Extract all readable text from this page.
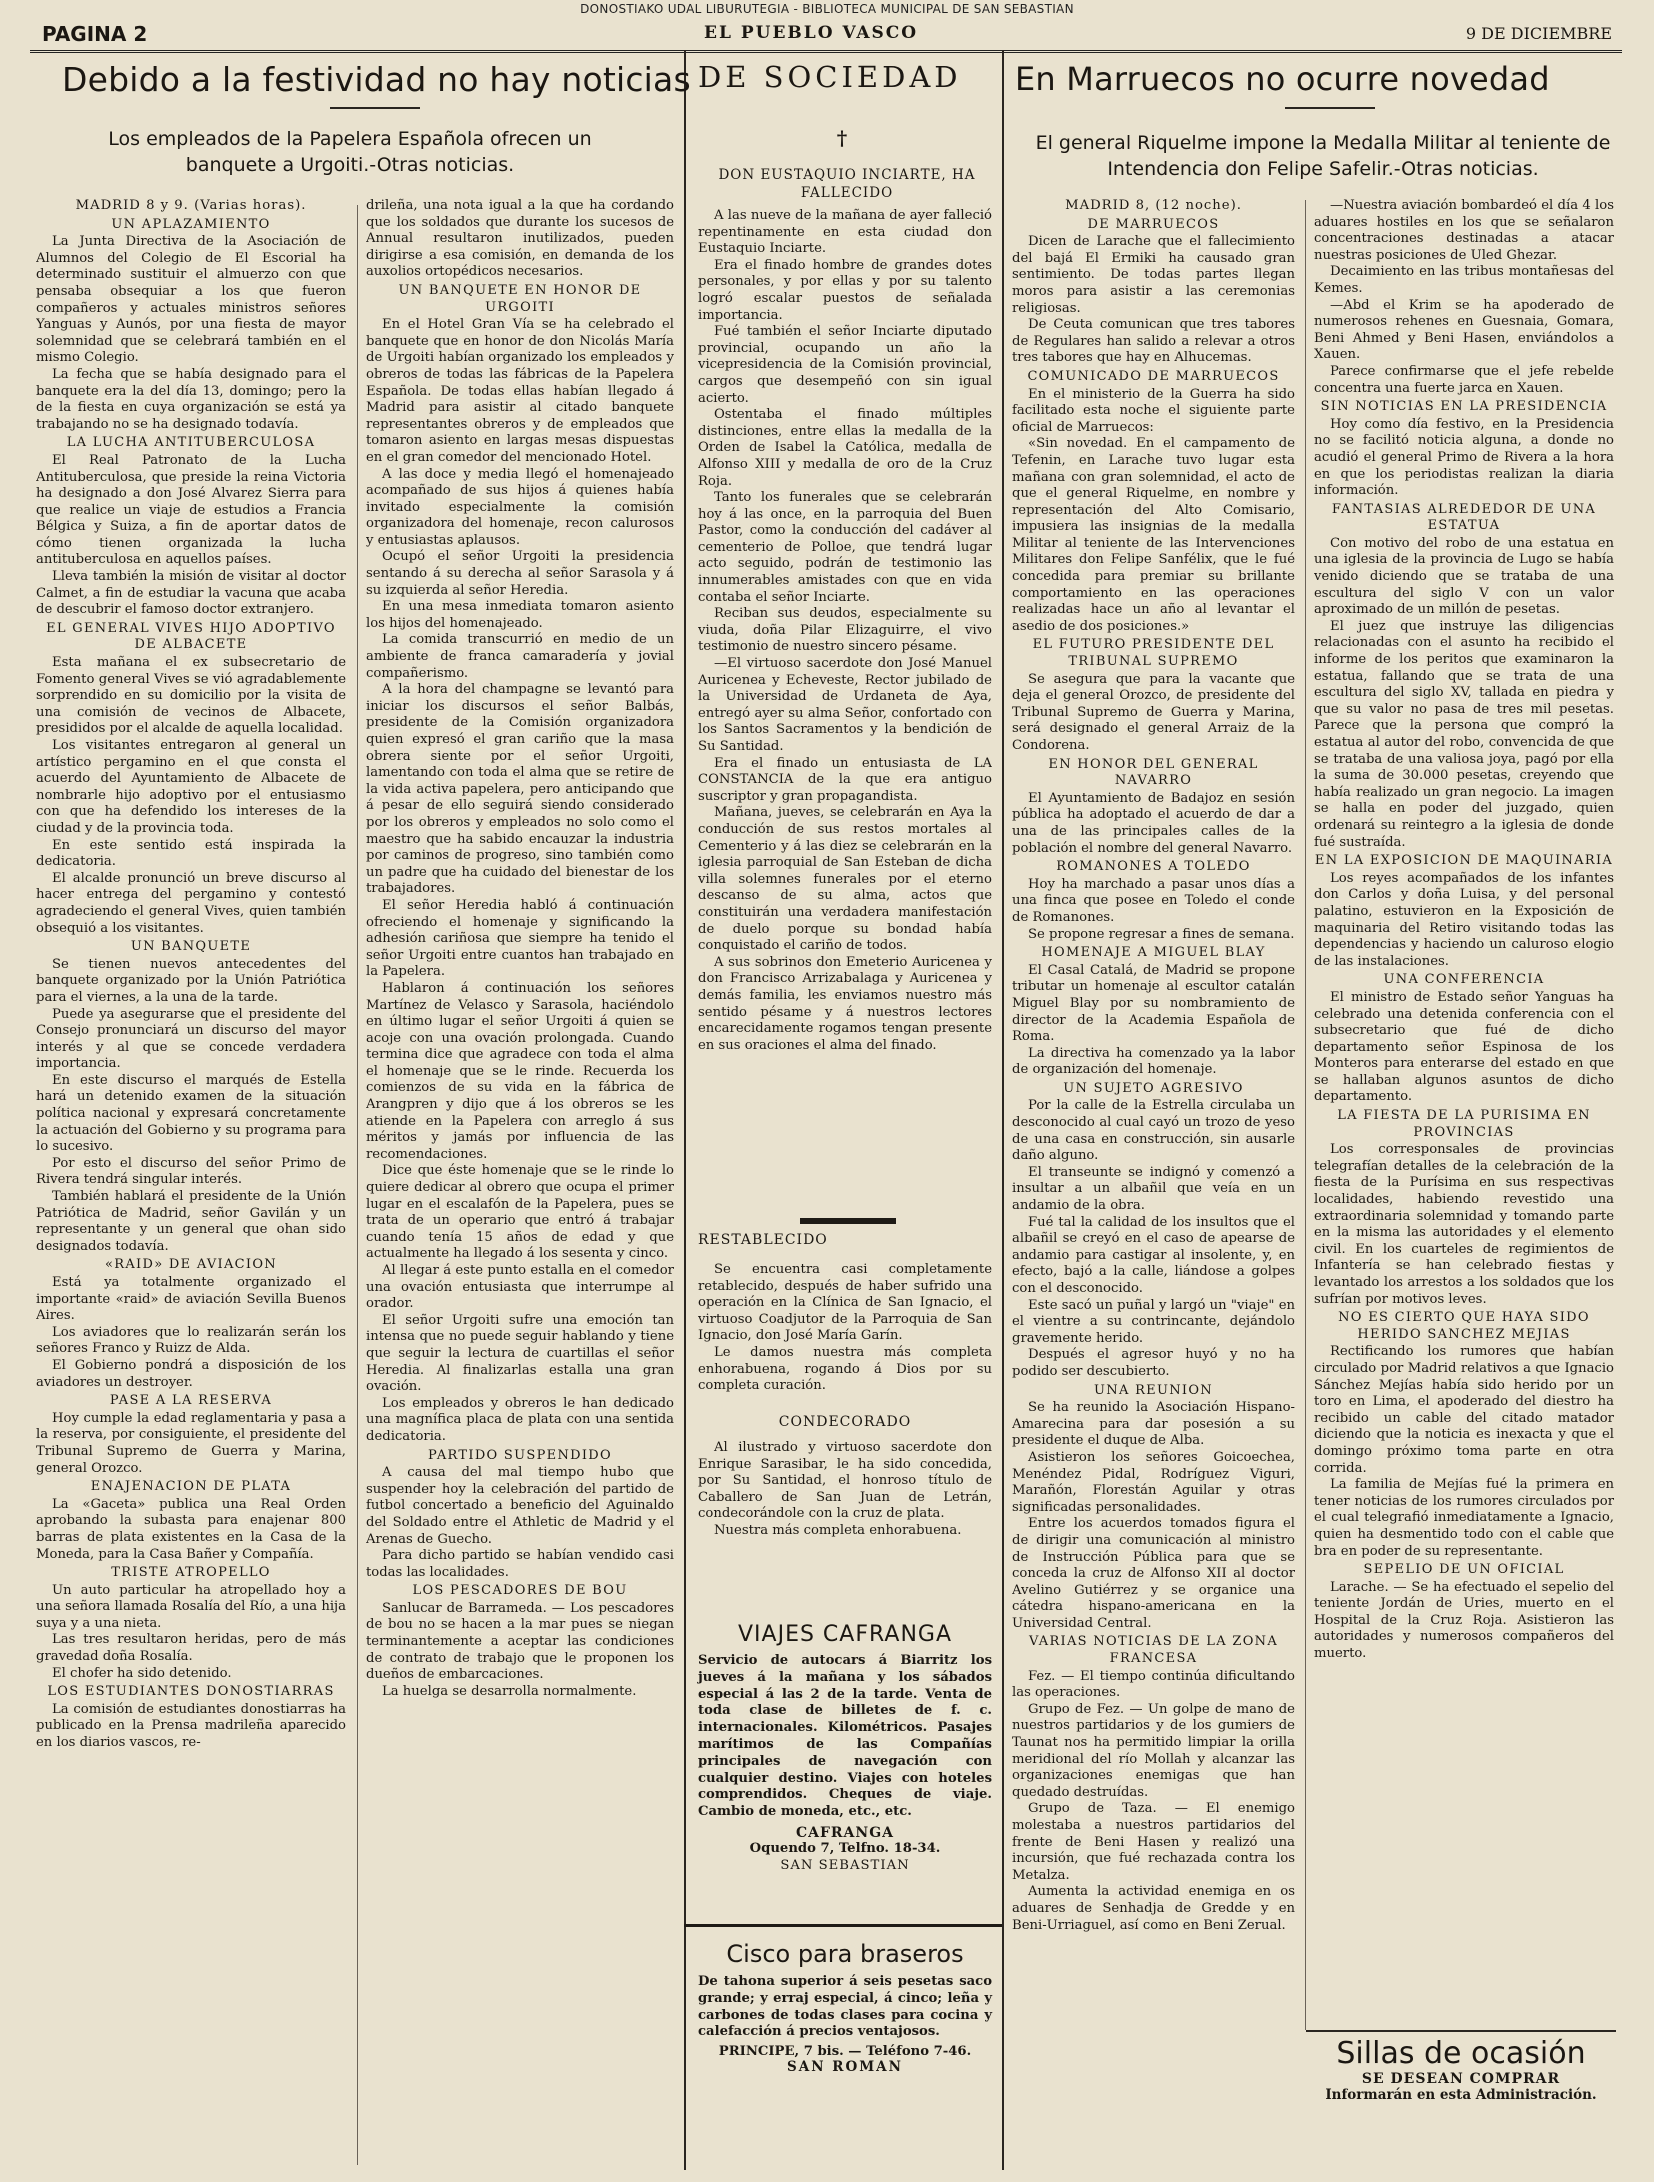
DONOSTIAKO UDAL LIBURUTEGIA - BIBLIOTECA MUNICIPAL DE SAN SEBASTIAN
PAGINA 2	EL PUEBLO VASCO	9 DE DICIEMBRE
Debido a la festividad no hay noticias
Los empleados de la Papelera Española ofrecen un banquete a Urgoiti.-Otras noticias.

MADRID 8 y 9. (Varias horas).

UN APLAZAMIENTO

La Junta Directiva de la Asociación de Alumnos del Colegio de El Escorial ha determinado sustituir el almuerzo con que pensaba obsequiar a los que fueron compañeros y actuales ministros señores Yanguas y Aunós, por una fiesta de mayor solemnidad que se celebrará también en el mismo Colegio.

La fecha que se había designado para el banquete era la del día 13, domingo; pero la de la fiesta en cuya organización se está ya trabajando no se ha designado todavía.

LA LUCHA ANTITUBERCULOSA

El Real Patronato de la Lucha Antituberculosa, que preside la reina Victoria ha designado a don José Alvarez Sierra para que realice un viaje de estudios a Francia Bélgica y Suiza, a fin de aportar datos de cómo tienen organizada la lucha antituberculosa en aquellos países.

Lleva también la misión de visitar al doctor Calmet, a fin de estudiar la vacuna que acaba de descubrir el famoso doctor extranjero.

EL GENERAL VIVES HIJO ADOPTIVO DE ALBACETE

Esta mañana el ex subsecretario de Fomento general Vives se vió agradablemente sorprendido en su domicilio por la visita de una comisión de vecinos de Albacete, presididos por el alcalde de aquella localidad.

Los visitantes entregaron al general un artístico pergamino en el que consta el acuerdo del Ayuntamiento de Albacete de nombrarle hijo adoptivo por el entusiasmo con que ha defendido los intereses de la ciudad y de la provincia toda.

En este sentido está inspirada la dedicatoria.

El alcalde pronunció un breve discurso al hacer entrega del pergamino y contestó agradeciendo el general Vives, quien también obsequió a los visitantes.

UN BANQUETE

Se tienen nuevos antecedentes del banquete organizado por la Unión Patriótica para el viernes, a la una de la tarde.

Puede ya asegurarse que el presidente del Consejo pronunciará un discurso del mayor interés y al que se concede verdadera importancia.

En este discurso el marqués de Estella hará un detenido examen de la situación política nacional y expresará concretamente la actuación del Gobierno y su programa para lo sucesivo.

Por esto el discurso del señor Primo de Rivera tendrá singular interés.

También hablará el presidente de la Unión Patriótica de Madrid, señor Gavilán y un representante y un general que ohan sido designados todavía.

«RAID» DE AVIACION

Está ya totalmente organizado el importante «raid» de aviación Sevilla Buenos Aires.

Los aviadores que lo realizarán serán los señores Franco y Ruizz de Alda.

El Gobierno pondrá a disposición de los aviadores un destroyer.

PASE A LA RESERVA

Hoy cumple la edad reglamentaria y pasa a la reserva, por consiguiente, el presidente del Tribunal Supremo de Guerra y Marina, general Orozco.

ENAJENACION DE PLATA

La «Gaceta» publica una Real Orden aprobando la subasta para enajenar 800 barras de plata existentes en la Casa de la Moneda, para la Casa Bañer y Compañía.

TRISTE ATROPELLO

Un auto particular ha atropellado hoy a una señora llamada Rosalía del Río, a una hija suya y a una nieta.

Las tres resultaron heridas, pero de más gravedad doña Rosalía.

El chofer ha sido detenido.

LOS ESTUDIANTES DONOSTIARRAS

La comisión de estudiantes donostiarras ha publicado en la Prensa madrileña aparecido en los diarios vascos, re-

drileña, una nota igual a la que ha cordando que los soldados que durante los sucesos de Annual resultaron inutilizados, pueden dirigirse a esa comisión, en demanda de los auxolios ortopédicos necesarios.

UN BANQUETE EN HONOR DE URGOITI

En el Hotel Gran Vía se ha celebrado el banquete que en honor de don Nicolás María de Urgoiti habían organizado los empleados y obreros de todas las fábricas de la Papelera Española. De todas ellas habían llegado á Madrid para asistir al citado banquete representantes obreros y de empleados que tomaron asiento en largas mesas dispuestas en el gran comedor del mencionado Hotel.

A las doce y media llegó el homenajeado acompañado de sus hijos á quienes había invitado especialmente la comisión organizadora del homenaje, recon calurosos y entusiastas aplausos.

Ocupó el señor Urgoiti la presidencia sentando á su derecha al señor Sarasola y á su izquierda al señor Heredia.

En una mesa inmediata tomaron asiento los hijos del homenajeado.

La comida transcurrió en medio de un ambiente de franca camaradería y jovial compañerismo.

A la hora del champagne se levantó para iniciar los discursos el señor Balbás, presidente de la Comisión organizadora quien expresó el gran cariño que la masa obrera siente por el señor Urgoiti, lamentando con toda el alma que se retire de la vida activa papelera, pero anticipando que á pesar de ello seguirá siendo considerado por los obreros y empleados no solo como el maestro que ha sabido encauzar la industria por caminos de progreso, sino también como un padre que ha cuidado del bienestar de los trabajadores.

El señor Heredia habló á continuación ofreciendo el homenaje y significando la adhesión cariñosa que siempre ha tenido el señor Urgoiti entre cuantos han trabajado en la Papelera.

Hablaron á continuación los señores Martínez de Velasco y Sarasola, haciéndolo en último lugar el señor Urgoiti á quien se acoje con una ovación prolongada. Cuando termina dice que agradece con toda el alma el homenaje que se le rinde. Recuerda los comienzos de su vida en la fábrica de Arangpren y dijo que á los obreros se les atiende en la Papelera con arreglo á sus méritos y jamás por influencia de las recomendaciones.

Dice que éste homenaje que se le rinde lo quiere dedicar al obrero que ocupa el primer lugar en el escalafón de la Papelera, pues se trata de un operario que entró á trabajar cuando tenía 15 años de edad y que actualmente ha llegado á los sesenta y cinco.

Al llegar á este punto estalla en el comedor una ovación entusiasta que interrumpe al orador.

El señor Urgoiti sufre una emoción tan intensa que no puede seguir hablando y tiene que seguir la lectura de cuartillas el señor Heredia. Al finalizarlas estalla una gran ovación.

Los empleados y obreros le han dedicado una magnífica placa de plata con una sentida dedicatoria.

PARTIDO SUSPENDIDO

A causa del mal tiempo hubo que suspender hoy la celebración del partido de futbol concertado a beneficio del Aguinaldo del Soldado entre el Athletic de Madrid y el Arenas de Guecho.

Para dicho partido se habían vendido casi todas las localidades.

LOS PESCADORES DE BOU

Sanlucar de Barrameda. — Los pescadores de bou no se hacen a la mar pues se niegan terminantemente a aceptar las condiciones de contrato de trabajo que le proponen los dueños de embarcaciones.

La huelga se desarrolla normalmente.

DE SOCIEDAD
†
DON EUSTAQUIO INCIARTE, HA FALLECIDO

A las nueve de la mañana de ayer falleció repentinamente en esta ciudad don Eustaquio Inciarte.

Era el finado hombre de grandes dotes personales, y por ellas y por su talento logró escalar puestos de señalada importancia.

Fué también el señor Inciarte diputado provincial, ocupando un año la vicepresidencia de la Comisión provincial, cargos que desempeñó con sin igual acierto.

Ostentaba el finado múltiples distinciones, entre ellas la medalla de la Orden de Isabel la Católica, medalla de Alfonso XIII y medalla de oro de la Cruz Roja.

Tanto los funerales que se celebrarán hoy á las once, en la parroquia del Buen Pastor, como la conducción del cadáver al cementerio de Polloe, que tendrá lugar acto seguido, podrán de testimonio las innumerables amistades con que en vida contaba el señor Inciarte.

Reciban sus deudos, especialmente su viuda, doña Pilar Elizaguirre, el vivo testimonio de nuestro sincero pésame.

—El virtuoso sacerdote don José Manuel Auricenea y Echeveste, Rector jubilado de la Universidad de Urdaneta de Aya, entregó ayer su alma Señor, confortado con los Santos Sacramentos y la bendición de Su Santidad.

Era el finado un entusiasta de LA CONSTANCIA de la que era antiguo suscriptor y gran propagandista.

Mañana, jueves, se celebrarán en Aya la conducción de sus restos mortales al Cementerio y á las diez se celebrarán en la iglesia parroquial de San Esteban de dicha villa solemnes funerales por el eterno descanso de su alma, actos que constituirán una verdadera manifestación de duelo porque su bondad había conquistado el cariño de todos.

A sus sobrinos don Emeterio Auricenea y don Francisco Arrizabalaga y Auricenea y demás familia, les enviamos nuestro más sentido pésame y á nuestros lectores encarecidamente rogamos tengan presente en sus oraciones el alma del finado.

RESTABLECIDO

Se encuentra casi completamente retablecido, después de haber sufrido una operación en la Clínica de San Ignacio, el virtuoso Coadjutor de la Parroquia de San Ignacio, don José María Garín.

Le damos nuestra más completa enhorabuena, rogando á Dios por su completa curación.

CONDECORADO

Al ilustrado y virtuoso sacerdote don Enrique Sarasibar, le ha sido concedida, por Su Santidad, el honroso título de Caballero de San Juan de Letrán, condecorándole con la cruz de plata.

Nuestra más completa enhorabuena.

VIAJES CAFRANGA

Servicio de autocars á Biarritz los jueves á la mañana y los sábados especial á las 2 de la tarde. Venta de toda clase de billetes de f. c. internacionales. Kilométricos. Pasajes marítimos de las Compañías principales de navegación con cualquier destino. Viajes con hoteles comprendidos. Cheques de viaje. Cambio de moneda, etc., etc.

CAFRANGA

Oquendo 7, Telfno. 18-34.

SAN SEBASTIAN

Cisco para braseros

De tahona superior á seis pesetas saco grande; y erraj especial, á cinco; leña y carbones de todas clases para cocina y calefacción á precios ventajosos.

PRINCIPE, 7 bis. — Teléfono 7-46.

SAN ROMAN

En Marruecos no ocurre novedad
El general Riquelme impone la Medalla Militar al teniente de Intendencia don Felipe Safelir.-Otras noticias.

MADRID 8, (12 noche).

DE MARRUECOS

Dicen de Larache que el fallecimiento del bajá El Ermiki ha causado gran sentimiento. De todas partes llegan moros para asistir a las ceremonias religiosas.

De Ceuta comunican que tres tabores de Regulares han salido a relevar a otros tres tabores que hay en Alhucemas.

COMUNICADO DE MARRUECOS

En el ministerio de la Guerra ha sido facilitado esta noche el siguiente parte oficial de Marruecos:

«Sin novedad. En el campamento de Tefenin, en Larache tuvo lugar esta mañana con gran solemnidad, el acto de que el general Riquelme, en nombre y representación del Alto Comisario, impusiera las insignias de la medalla Militar al teniente de las Intervenciones Militares don Felipe Sanfélix, que le fué concedida para premiar su brillante comportamiento en las operaciones realizadas hace un año al levantar el asedio de dos posiciones.»

EL FUTURO PRESIDENTE DEL TRIBUNAL SUPREMO

Se asegura que para la vacante que deja el general Orozco, de presidente del Tribunal Supremo de Guerra y Marina, será designado el general Arraiz de la Condorena.

EN HONOR DEL GENERAL NAVARRO

El Ayuntamiento de Badajoz en sesión pública ha adoptado el acuerdo de dar a una de las principales calles de la población el nombre del general Navarro.

ROMANONES A TOLEDO

Hoy ha marchado a pasar unos días a una finca que posee en Toledo el conde de Romanones.

Se propone regresar a fines de semana.

HOMENAJE A MIGUEL BLAY

El Casal Catalá, de Madrid se propone tributar un homenaje al escultor catalán Miguel Blay por su nombramiento de director de la Academia Española de Roma.

La directiva ha comenzado ya la labor de organización del homenaje.

UN SUJETO AGRESIVO

Por la calle de la Estrella circulaba un desconocido al cual cayó un trozo de yeso de una casa en construcción, sin ausarle daño alguno.

El transeunte se indignó y comenzó a insultar a un albañil que veía en un andamio de la obra.

Fué tal la calidad de los insultos que el albañil se creyó en el caso de apearse de andamio para castigar al insolente, y, en efecto, bajó a la calle, liándose a golpes con el desconocido.

Este sacó un puñal y largó un "viaje" en el vientre a su contrincante, dejándolo gravemente herido.

Después el agresor huyó y no ha podido ser descubierto.

UNA REUNION

Se ha reunido la Asociación Hispano-Amarecina para dar posesión a su presidente el duque de Alba.

Asistieron los señores Goicoechea, Menéndez Pidal, Rodríguez Viguri, Marañón, Florestán Aguilar y otras significadas personalidades.

Entre los acuerdos tomados figura el de dirigir una comunicación al ministro de Instrucción Pública para que se conceda la cruz de Alfonso XII al doctor Avelino Gutiérrez y se organice una cátedra hispano-americana en la Universidad Central.

VARIAS NOTICIAS DE LA ZONA FRANCESA

Fez. — El tiempo continúa dificultando las operaciones.

Grupo de Fez. — Un golpe de mano de nuestros partidarios y de los gumiers de Taunat nos ha permitido limpiar la orilla meridional del río Mollah y alcanzar las organizaciones enemigas que han quedado destruídas.

Grupo de Taza. — El enemigo molestaba a nuestros partidarios del frente de Beni Hasen y realizó una incursión, que fué rechazada contra los Metalza.

Aumenta la actividad enemiga en os aduares de Senhadja de Gredde y en Beni-Urriaguel, así como en Beni Zerual.

—Nuestra aviación bombardeó el día 4 los aduares hostiles en los que se señalaron concentraciones destinadas a atacar nuestras posiciones de Uled Ghezar.

Decaimiento en las tribus montañesas del Kemes.

—Abd el Krim se ha apoderado de numerosos rehenes en Guesnaia, Gomara, Beni Ahmed y Beni Hasen, enviándolos a Xauen.

Parece confirmarse que el jefe rebelde concentra una fuerte jarca en Xauen.

SIN NOTICIAS EN LA PRESIDENCIA

Hoy como día festivo, en la Presidencia no se facilitó noticia alguna, a donde no acudió el general Primo de Rivera a la hora en que los periodistas realizan la diaria información.

FANTASIAS ALREDEDOR DE UNA ESTATUA

Con motivo del robo de una estatua en una iglesia de la provincia de Lugo se había venido diciendo que se trataba de una escultura del siglo V con un valor aproximado de un millón de pesetas.

El juez que instruye las diligencias relacionadas con el asunto ha recibido el informe de los peritos que examinaron la estatua, fallando que se trata de una escultura del siglo XV, tallada en piedra y que su valor no pasa de tres mil pesetas. Parece que la persona que compró la estatua al autor del robo, convencida de que se trataba de una valiosa joya, pagó por ella la suma de 30.000 pesetas, creyendo que había realizado un gran negocio. La imagen se halla en poder del juzgado, quien ordenará su reintegro a la iglesia de donde fué sustraída.

EN LA EXPOSICION DE MAQUINARIA

Los reyes acompañados de los infantes don Carlos y doña Luisa, y del personal palatino, estuvieron en la Exposición de maquinaria del Retiro visitando todas las dependencias y haciendo un caluroso elogio de las instalaciones.

UNA CONFERENCIA

El ministro de Estado señor Yanguas ha celebrado una detenida conferencia con el subsecretario que fué de dicho departamento señor Espinosa de los Monteros para enterarse del estado en que se hallaban algunos asuntos de dicho departamento.

LA FIESTA DE LA PURISIMA EN PROVINCIAS

Los corresponsales de provincias telegrafían detalles de la celebración de la fiesta de la Purísima en sus respectivas localidades, habiendo revestido una extraordinaria solemnidad y tomando parte en la misma las autoridades y el elemento civil. En los cuarteles de regimientos de Infantería se han celebrado fiestas y levantado los arrestos a los soldados que los sufrían por motivos leves.

NO ES CIERTO QUE HAYA SIDO HERIDO SANCHEZ MEJIAS

Rectificando los rumores que habían circulado por Madrid relativos a que Ignacio Sánchez Mejías había sido herido por un toro en Lima, el apoderado del diestro ha recibido un cable del citado matador diciendo que la noticia es inexacta y que el domingo próximo toma parte en otra corrida.

La familia de Mejías fué la primera en tener noticias de los rumores circulados por el cual telegrafió inmediatamente a Ignacio, quien ha desmentido todo con el cable que bra en poder de su representante.

SEPELIO DE UN OFICIAL

Larache. — Se ha efectuado el sepelio del teniente Jordán de Uries, muerto en el Hospital de la Cruz Roja. Asistieron las autoridades y numerosos compañeros del muerto.

Sillas de ocasión

SE DESEAN COMPRAR

Informarán en esta Administración.
